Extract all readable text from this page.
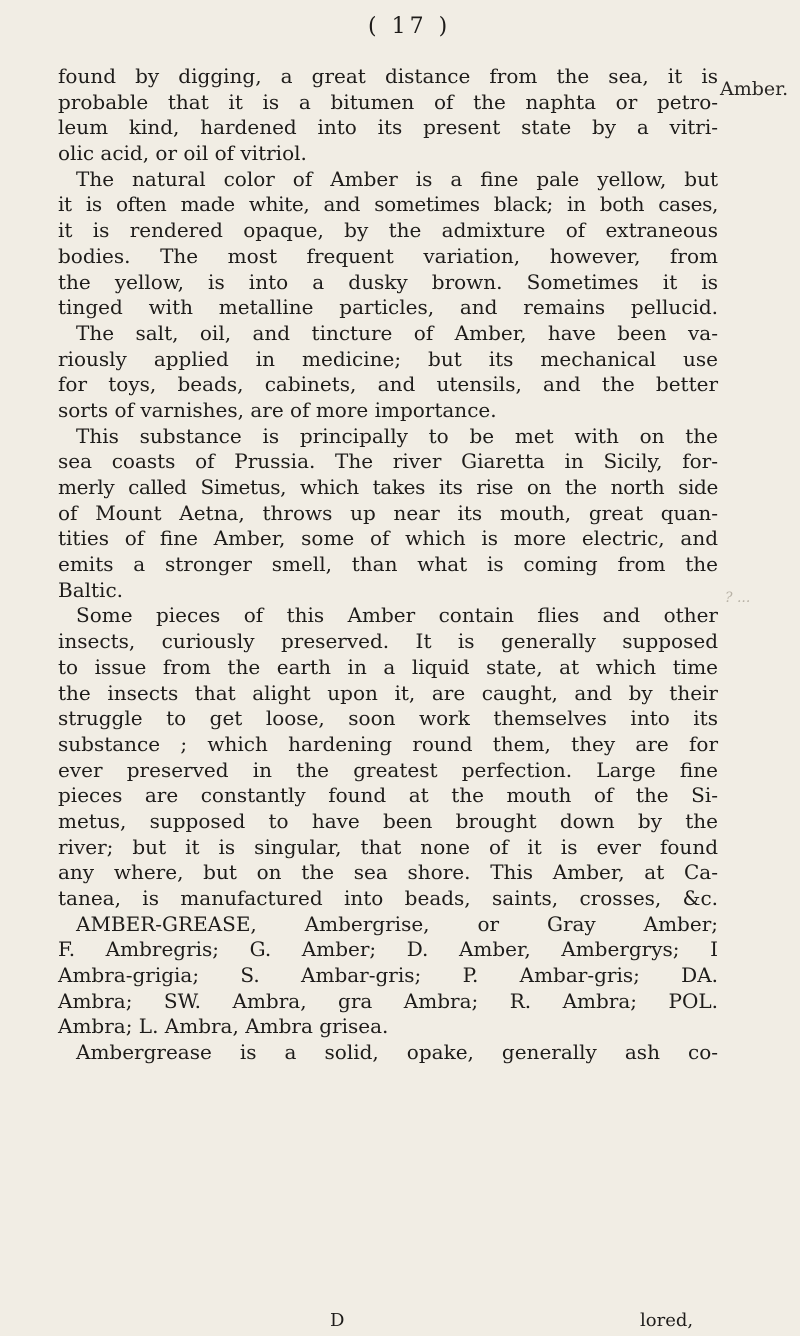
( 17 )
Amber.
? ...
found by digging, a great distance from the sea, it is
probable that it is a bitumen of the naphta or petro-
leum kind, hardened into its present state by a vitri-
olic acid, or oil of vitriol.
The natural color of Amber is a fine pale yellow, but
it is often made white, and sometimes black; in both cases,
it is rendered opaque, by the admixture of extraneous
bodies. The most frequent variation, however, from
the yellow, is into a dusky brown. Sometimes it is
tinged with metalline particles, and remains pellucid.
The salt, oil, and tincture of Amber, have been va-
riously applied in medicine; but its mechanical use
for toys, beads, cabinets, and utensils, and the better
sorts of varnishes, are of more importance.
This substance is principally to be met with on the
sea coasts of Prussia. The river Giaretta in Sicily, for-
merly called Simetus, which takes its rise on the north side
of Mount Aetna, throws up near its mouth, great quan-
tities of fine Amber, some of which is more electric, and
emits a stronger smell, than what is coming from the
Baltic.
Some pieces of this Amber contain flies and other
insects, curiously preserved. It is generally supposed
to issue from the earth in a liquid state, at which time
the insects that alight upon it, are caught, and by their
struggle to get loose, soon work themselves into its
substance ; which hardening round them, they are for
ever preserved in the greatest perfection. Large fine
pieces are constantly found at the mouth of the Si-
metus, supposed to have been brought down by the
river; but it is singular, that none of it is ever found
any where, but on the sea shore. This Amber, at Ca-
tanea, is manufactured into beads, saints, crosses, &c.
AMBER-GREASE, Ambergrise, or Gray Amber;
F. Ambregris; G. Amber; D. Amber, Ambergrys; I
Ambra-grigia; S. Ambar-gris; P. Ambar-gris; DA.
Ambra; SW. Ambra, gra Ambra; R. Ambra; POL.
Ambra; L. Ambra, Ambra grisea.
Ambergrease is a solid, opake, generally ash co-
D	lored,
